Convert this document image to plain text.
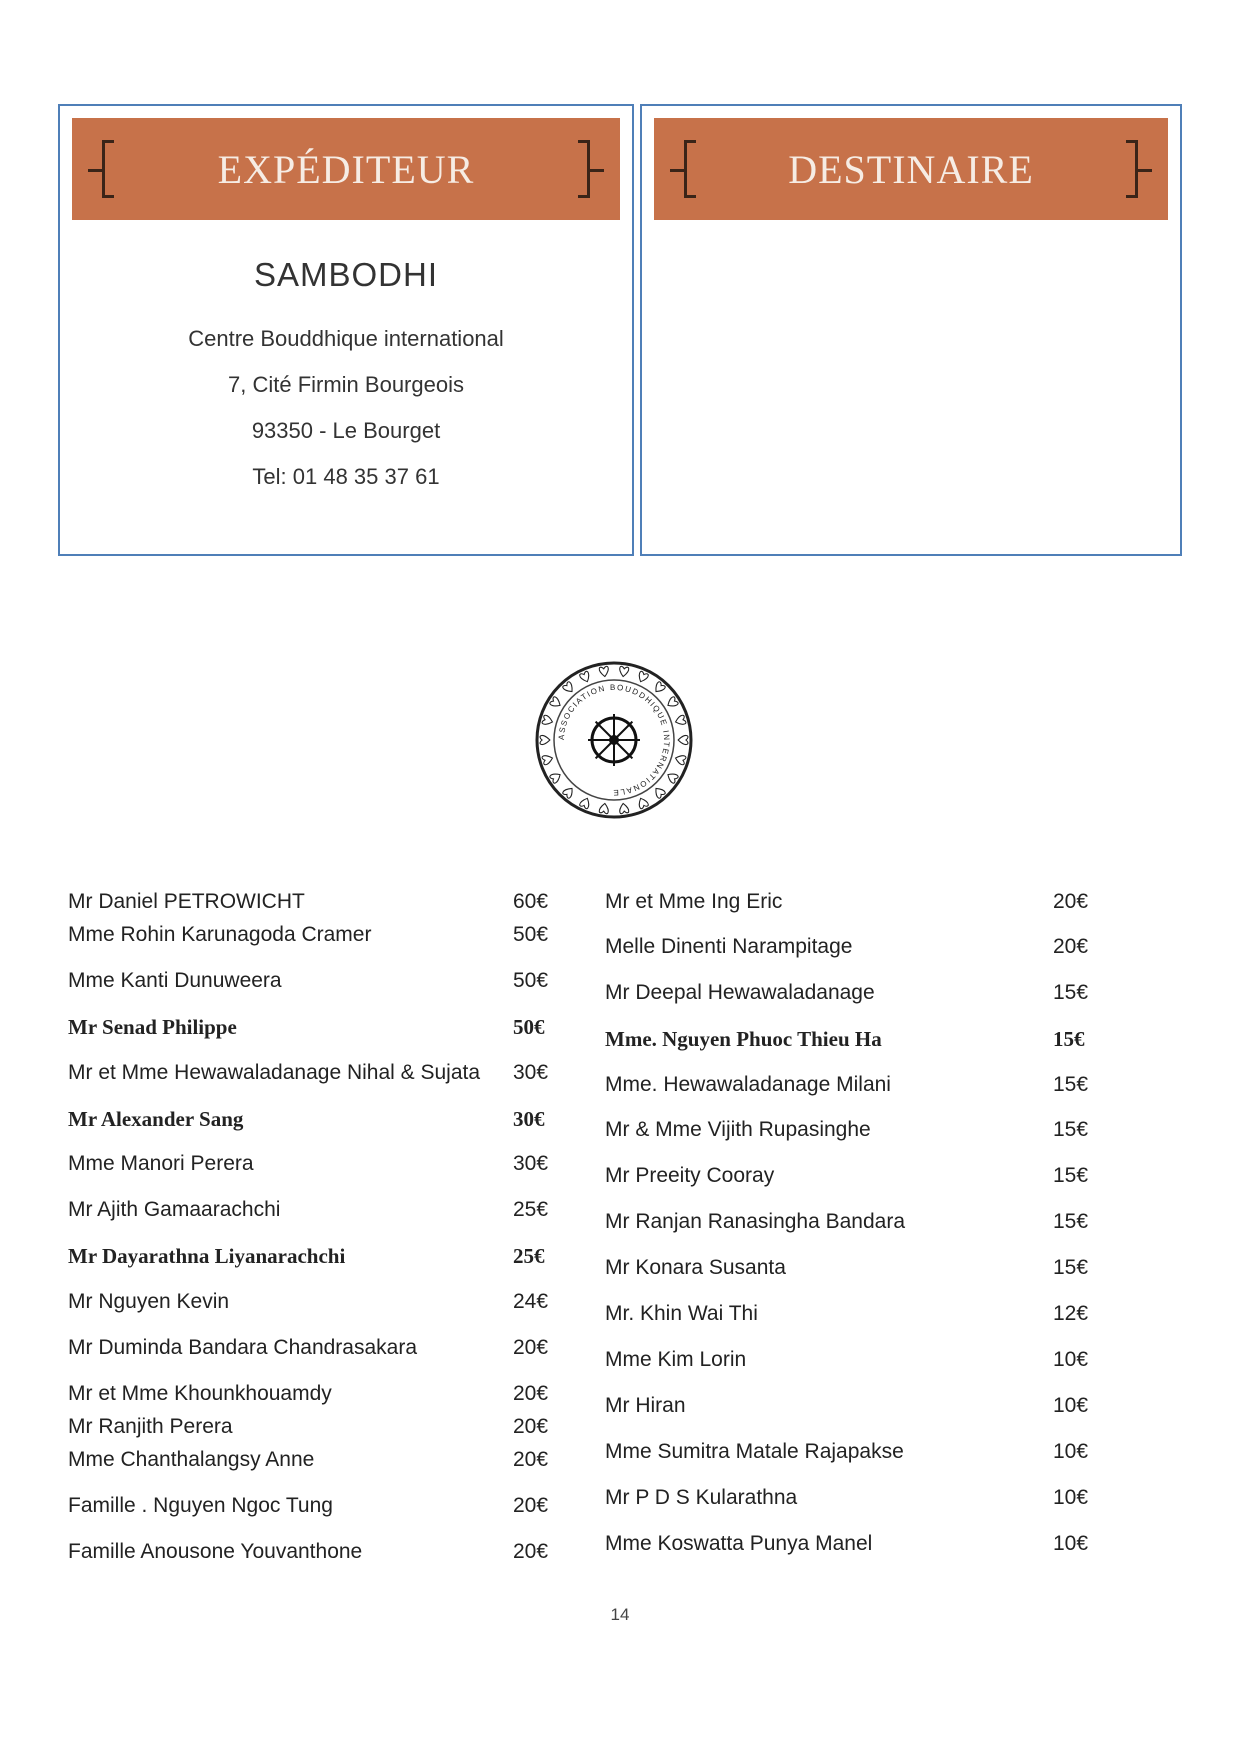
EXPÉDITEUR
SAMBODHI
Centre Bouddhique international
7, Cité Firmin Bourgeois
93350 - Le Bourget
Tel: 01 48 35 37 61
DESTINAIRE
ASSOCIATION BOUDDHIQUE INTERNATIONALE
Mr Daniel PETROWICHT	60€
Mme Rohin Karunagoda Cramer	50€
Mme Kanti Dunuweera	50€
Mr Senad Philippe	50€
Mr et Mme Hewawaladanage Nihal & Sujata 30€
Mr Alexander Sang	30€
Mme Manori Perera	30€
Mr Ajith Gamaarachchi	25€
Mr Dayarathna Liyanarachchi	25€
Mr Nguyen Kevin	24€
Mr Duminda Bandara Chandrasakara	20€
Mr et Mme Khounkhouamdy	20€
Mr Ranjith Perera	20€
Mme Chanthalangsy Anne	20€
Famille . Nguyen Ngoc Tung	20€
Famille Anousone Youvanthone	20€
Mr et Mme Ing Eric	20€
Melle Dinenti Narampitage	20€
Mr Deepal Hewawaladanage	15€
Mme. Nguyen Phuoc Thieu Ha	15€
Mme. Hewawaladanage Milani	15€
Mr & Mme Vijith Rupasinghe	15€
Mr Preeity Cooray	15€
Mr Ranjan Ranasingha Bandara	15€
Mr Konara Susanta	15€
Mr. Khin Wai Thi	12€
Mme Kim Lorin	10€
Mr Hiran	10€
Mme Sumitra Matale Rajapakse	10€
Mr P D S Kularathna	10€
Mme Koswatta Punya Manel	10€
14
